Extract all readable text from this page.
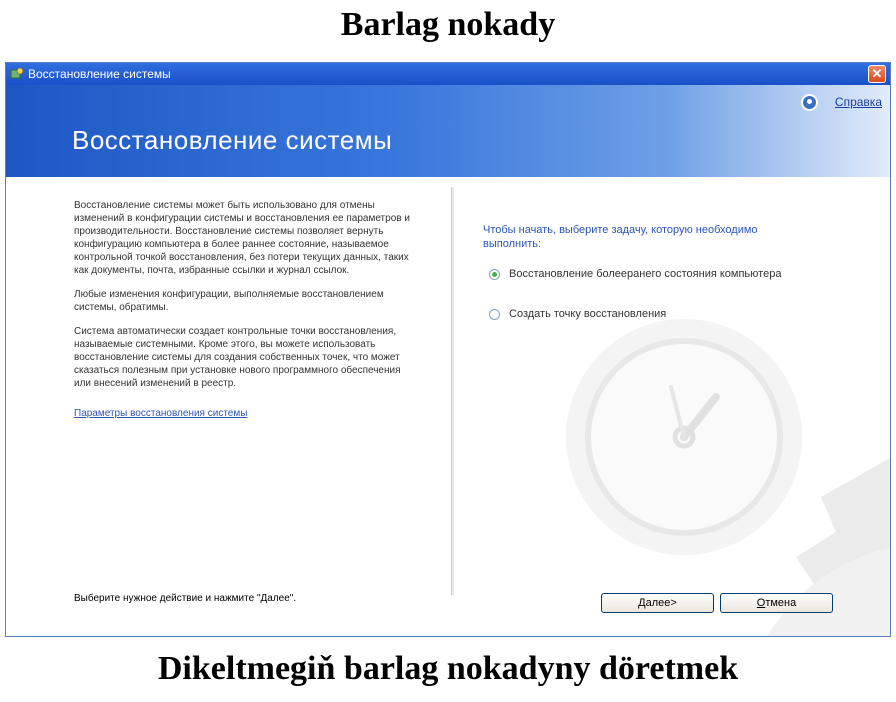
Barlag nokady
Восстановление системы	✕
Восстановление системы
Справка

Восстановление системы может быть использовано для отмены изменений в конфигурации системы и восстановления ее параметров и производительности. Восстановление системы позволяет вернуть конфигурацию компьютера в более раннее состояние, называемое контрольной точкой восстановления, без потери текущих данных, таких как документы, почта, избранные ссылки и журнал ссылок.

Любые изменения конфигурации, выполняемые восстановлением системы, обратимы.

Система автоматически создает контрольные точки восстановления, называемые системными. Кроме этого, вы можете использовать восстановление системы для создания собственных точек, что может сказаться полезным при установке нового программного обеспечения или внесений изменений в реестр.

Параметры восстановления системы
Выберите нужное действие и нажмите "Далее".
Чтобы начать, выберите задачу, которую необходимо выполнить:
Восстановление болееранего состояния компьютера
Создать точку восстановления
Далее>	Отмена
Dikeltmegiň barlag nokadyny döretmek
